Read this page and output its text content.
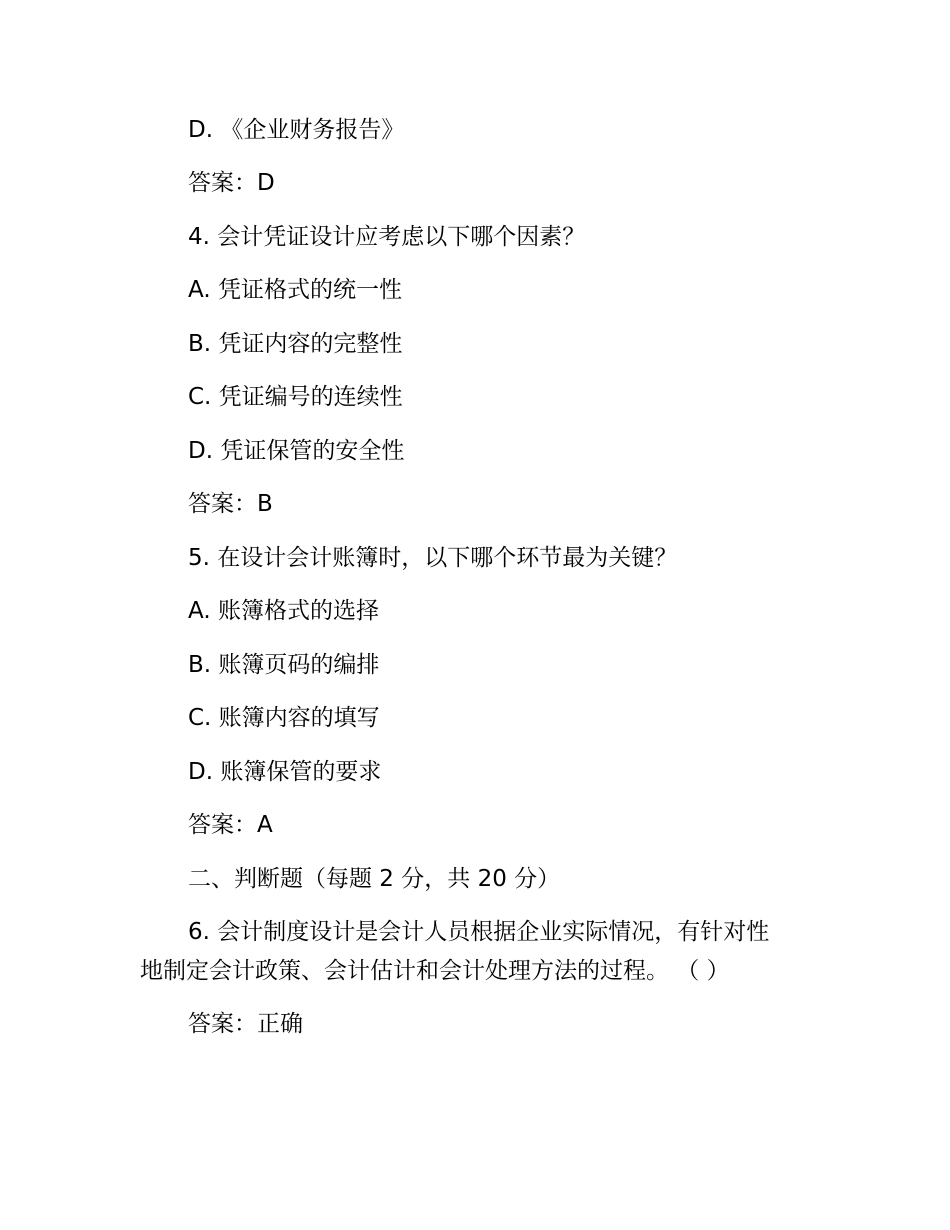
D. 《企业财务报告》
答案：D
4. 会计凭证设计应考虑以下哪个因素？
A. 凭证格式的统一性
B. 凭证内容的完整性
C. 凭证编号的连续性
D. 凭证保管的安全性
答案：B
5. 在设计会计账簿时，以下哪个环节最为关键？
A. 账簿格式的选择
B. 账簿页码的编排
C. 账簿内容的填写
D. 账簿保管的要求
答案：A
二、判断题（每题 2 分，共 20 分）
6. 会计制度设计是会计人员根据企业实际情况，有针对性
地制定会计政策、会计估计和会计处理方法的过程。 （ ）
答案：正确
